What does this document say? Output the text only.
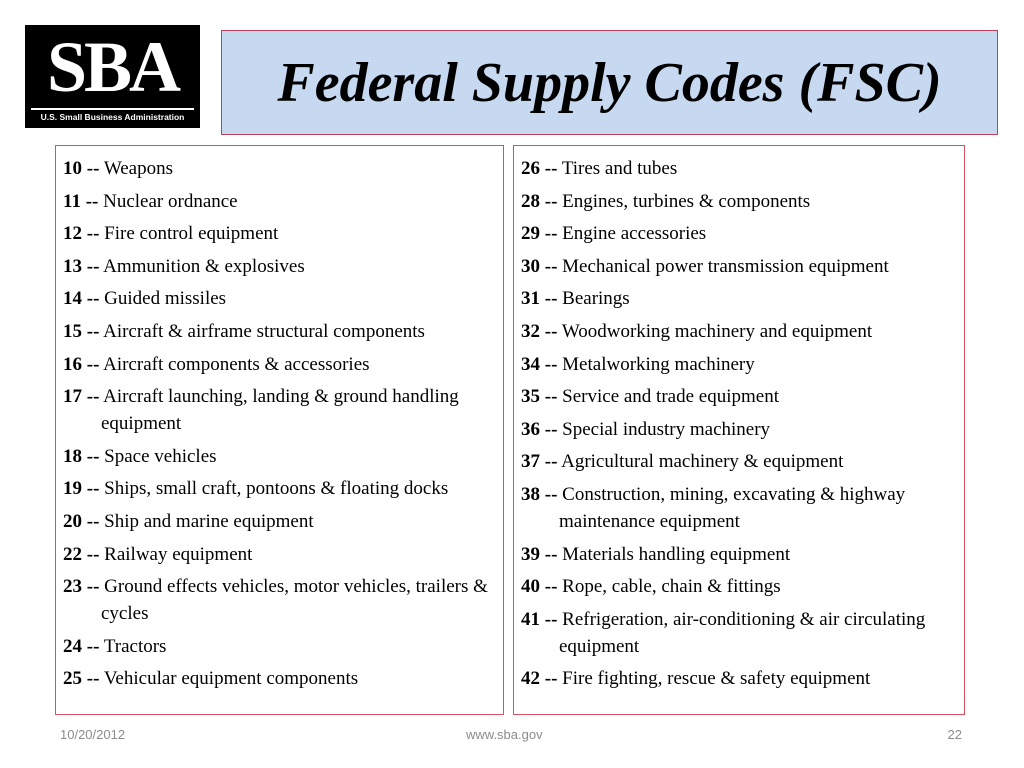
SBA
U.S. Small Business Administration
Federal Supply Codes (FSC)
10 -- Weapons
11 -- Nuclear ordnance
12 -- Fire control equipment
13 -- Ammunition & explosives
14 -- Guided missiles
15 -- Aircraft & airframe structural components
16 -- Aircraft components & accessories
17 -- Aircraft launching, landing & ground handling equipment
18 -- Space vehicles
19 -- Ships, small craft, pontoons & floating docks
20 -- Ship and marine equipment
22 -- Railway equipment
23 -- Ground effects vehicles, motor vehicles, trailers & cycles
24 -- Tractors
25 -- Vehicular equipment components
26 -- Tires and tubes
28 -- Engines, turbines & components
29 -- Engine accessories
30 -- Mechanical power transmission equipment
31 -- Bearings
32 -- Woodworking machinery and equipment
34 -- Metalworking machinery
35 -- Service and trade equipment
36 -- Special industry machinery
37 -- Agricultural machinery & equipment
38 -- Construction, mining, excavating & highway maintenance equipment
39 -- Materials handling equipment
40 -- Rope, cable, chain & fittings
41 -- Refrigeration, air-conditioning & air circulating equipment
42 -- Fire fighting, rescue & safety equipment
10/20/2012	www.sba.gov	22
